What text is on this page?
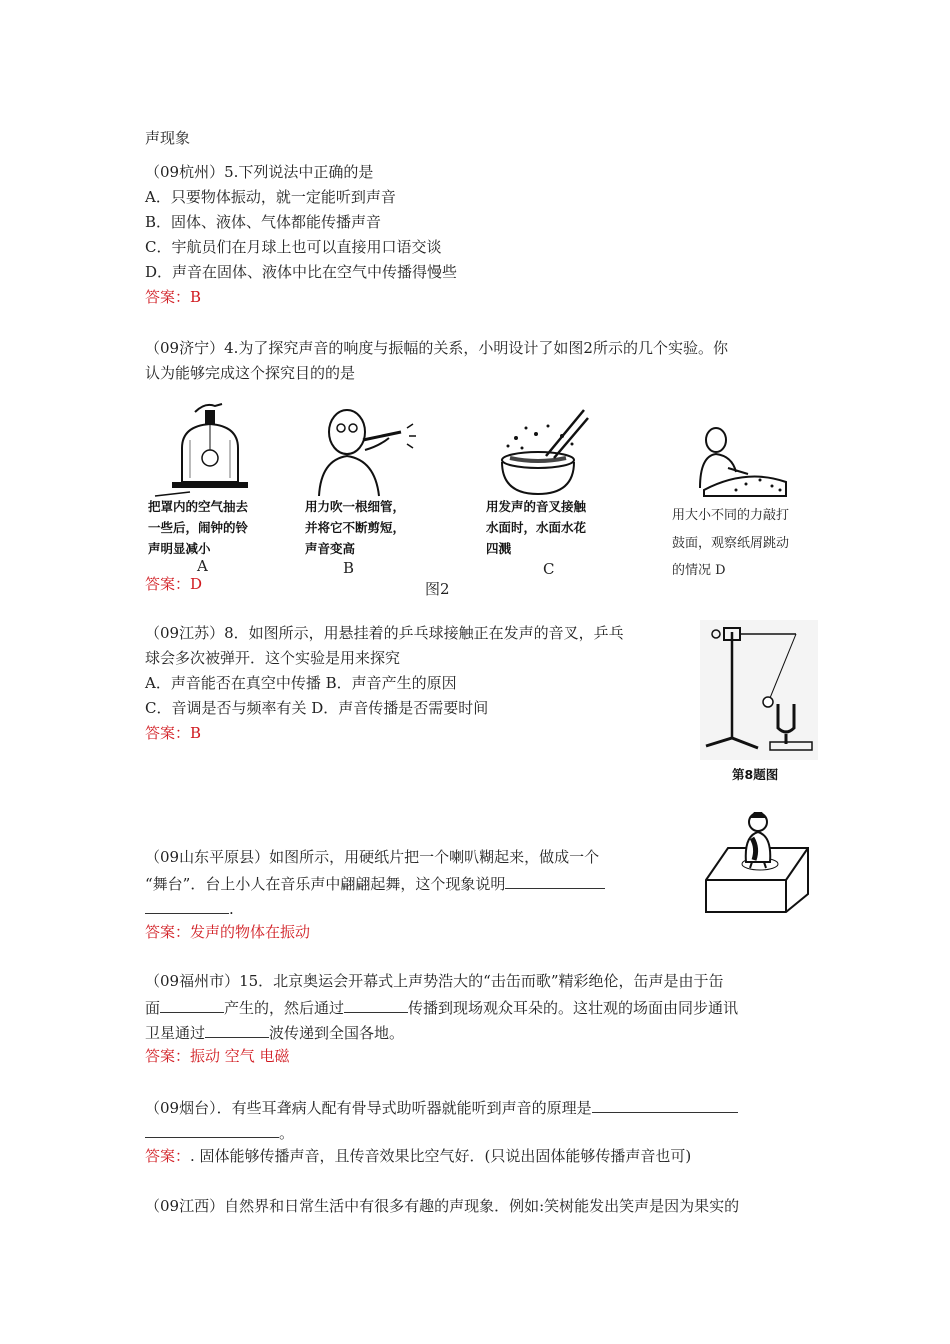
声现象
（09杭州）5.下列说法中正确的是
A．只要物体振动，就一定能听到声音
B．固体、液体、气体都能传播声音
C．宇航员们在月球上也可以直接用口语交谈
D．声音在固体、液体中比在空气中传播得慢些
答案：B
（09济宁）4.为了探究声音的响度与振幅的关系，小明设计了如图2所示的几个实验。你
认为能够完成这个探究目的的是
把罩内的空气抽去
一些后，闹钟的铃
声明显减小
A
用力吹一根细管，
并将它不断剪短，
声音变高
B
用发声的音叉接触
水面时，水面水花
四溅
C
用大小不同的力敲打
鼓面，观察纸屑跳动
的情况 D
答案：D	图2
（09江苏）8．如图所示，用悬挂着的乒乓球接触正在发声的音叉，乒乓
球会多次被弹开．这个实验是用来探究
A．声音能否在真空中传播 B．声音产生的原因
C．音调是否与频率有关 D．声音传播是否需要时间
答案：B
第8题图
（09山东平原县）如图所示，用硬纸片把一个喇叭糊起来，做成一个
“舞台”．台上小人在音乐声中翩翩起舞，这个现象说明
.
答案：发声的物体在振动
（09福州市）15．北京奥运会开幕式上声势浩大的“击缶而歌”精彩绝伦，缶声是由于缶
面	产生的，然后通过	传播到现场观众耳朵的。这壮观的场面由同步通讯
卫星通过	波传递到全国各地。
答案：振动 空气 电磁
（09烟台）．有些耳聋病人配有骨导式助听器就能听到声音的原理是
。
答案：. 固体能够传播声音，且传音效果比空气好．(只说出固体能够传播声音也可)
（09江西）自然界和日常生活中有很多有趣的声现象．例如:笑树能发出笑声是因为果实的
